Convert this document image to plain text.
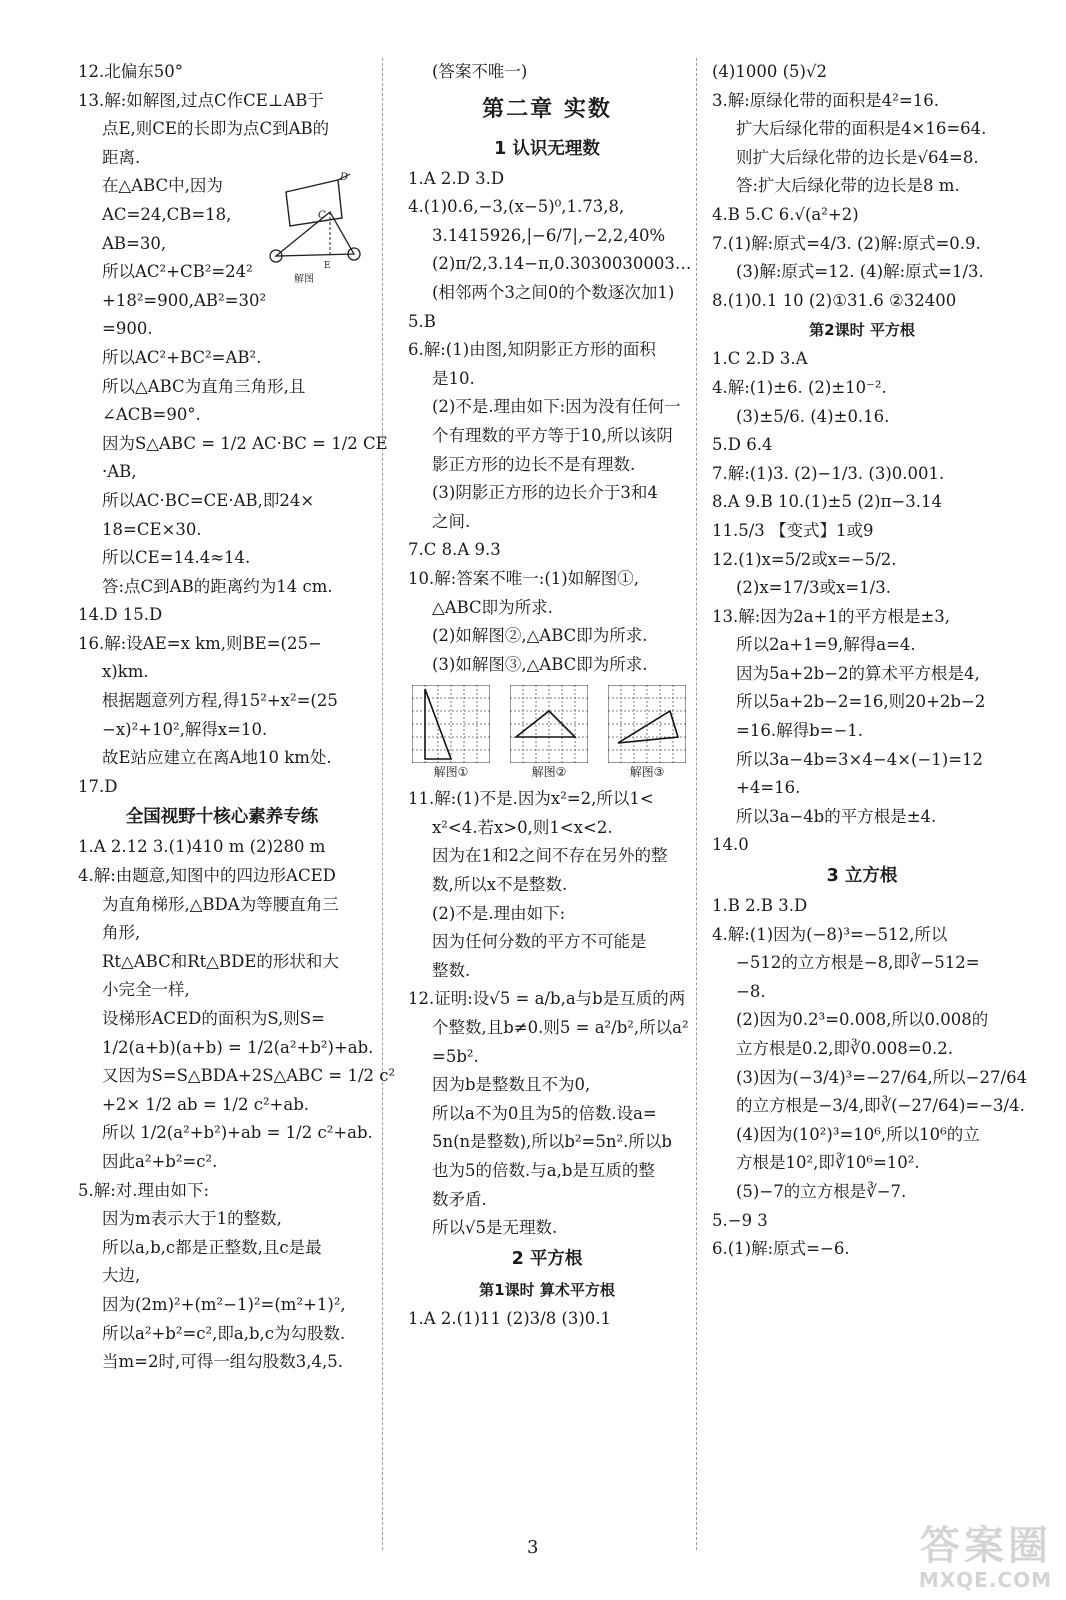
12.北偏东50°
13.解:如解图,过点C作CE⊥AB于
点E,则CE的长即为点C到AB的
距离.
在△ABC中,因为
AC=24,CB=18,
AB=30,
所以AC²+CB²=24²
+18²=900,AB²=30²
=900.
所以AC²+BC²=AB².
所以△ABC为直角三角形,且
∠ACB=90°.
因为S△ABC = 1/2 AC·BC = 1/2 CE
·AB,
所以AC·BC=CE·AB,即24×
18=CE×30.
所以CE=14.4≈14.
答:点C到AB的距离约为14 cm.
14.D 15.D
16.解:设AE=x km,则BE=(25−
x)km.
根据题意列方程,得15²+x²=(25
−x)²+10²,解得x=10.
故E站应建立在离A地10 km处.
17.D
全国视野十核心素养专练
1.A 2.12 3.(1)410 m (2)280 m
4.解:由题意,知图中的四边形ACED
为直角梯形,△BDA为等腰直角三
角形,
Rt△ABC和Rt△BDE的形状和大
小完全一样,
设梯形ACED的面积为S,则S=
1/2(a+b)(a+b) = 1/2(a²+b²)+ab.
又因为S=S△BDA+2S△ABC = 1/2 c²
+2× 1/2 ab = 1/2 c²+ab.
所以 1/2(a²+b²)+ab = 1/2 c²+ab.
因此a²+b²=c².
5.解:对.理由如下:
因为m表示大于1的整数,
所以a,b,c都是正整数,且c是最
大边,
因为(2m)²+(m²−1)²=(m²+1)²,
所以a²+b²=c²,即a,b,c为勾股数.
当m=2时,可得一组勾股数3,4,5.
D
C
E
解图
(答案不唯一)
第二章 实数
1 认识无理数
1.A 2.D 3.D
4.(1)0.6,−3,(x−5)⁰,1.7̇3̇,8,
3.1415926,|−6/7|,−2,2,40%
(2)π/2,3.14−π,0.3030030003…
(相邻两个3之间0的个数逐次加1)
5.B
6.解:(1)由图,知阴影正方形的面积
是10.
(2)不是.理由如下:因为没有任何一
个有理数的平方等于10,所以该阴
影正方形的边长不是有理数.
(3)阴影正方形的边长介于3和4
之间.
7.C 8.A 9.3
10.解:答案不唯一:(1)如解图①,
△ABC即为所求.
(2)如解图②,△ABC即为所求.
(3)如解图③,△ABC即为所求.
解图①	解图②	解图③
11.解:(1)不是.因为x²=2,所以1<
x²<4.若x>0,则1<x<2.
因为在1和2之间不存在另外的整
数,所以x不是整数.
(2)不是.理由如下:
因为任何分数的平方不可能是
整数.
12.证明:设√5 = a/b,a与b是互质的两
个整数,且b≠0.则5 = a²/b²,所以a²
=5b².
因为b是整数且不为0,
所以a不为0且为5的倍数.设a=
5n(n是整数),所以b²=5n².所以b
也为5的倍数.与a,b是互质的整
数矛盾.
所以√5是无理数.
2 平方根
第1课时 算术平方根
1.A 2.(1)11 (2)3/8 (3)0.1
(4)1000 (5)√2
3.解:原绿化带的面积是4²=16.
扩大后绿化带的面积是4×16=64.
则扩大后绿化带的边长是√64=8.
答:扩大后绿化带的边长是8 m.
4.B 5.C 6.√(a²+2)
7.(1)解:原式=4/3. (2)解:原式=0.9.
(3)解:原式=12. (4)解:原式=1/3.
8.(1)0.1 10 (2)①31.6 ②32400
第2课时 平方根
1.C 2.D 3.A
4.解:(1)±6. (2)±10⁻².
(3)±5/6. (4)±0.16.
5.D 6.4
7.解:(1)3. (2)−1/3. (3)0.001.
8.A 9.B 10.(1)±5 (2)π−3.14
11.5/3 【变式】1或9
12.(1)x=5/2或x=−5/2.
(2)x=17/3或x=1/3.
13.解:因为2a+1的平方根是±3,
所以2a+1=9,解得a=4.
因为5a+2b−2的算术平方根是4,
所以5a+2b−2=16,则20+2b−2
=16.解得b=−1.
所以3a−4b=3×4−4×(−1)=12
+4=16.
所以3a−4b的平方根是±4.
14.0
3 立方根
1.B 2.B 3.D
4.解:(1)因为(−8)³=−512,所以
−512的立方根是−8,即∛−512=
−8.
(2)因为0.2³=0.008,所以0.008的
立方根是0.2,即∛0.008=0.2.
(3)因为(−3/4)³=−27/64,所以−27/64
的立方根是−3/4,即∛(−27/64)=−3/4.
(4)因为(10²)³=10⁶,所以10⁶的立
方根是10²,即∛10⁶=10².
(5)−7的立方根是∛−7.
5.−9 3
6.(1)解:原式=−6.
3	答案圈
MXQE.COM
